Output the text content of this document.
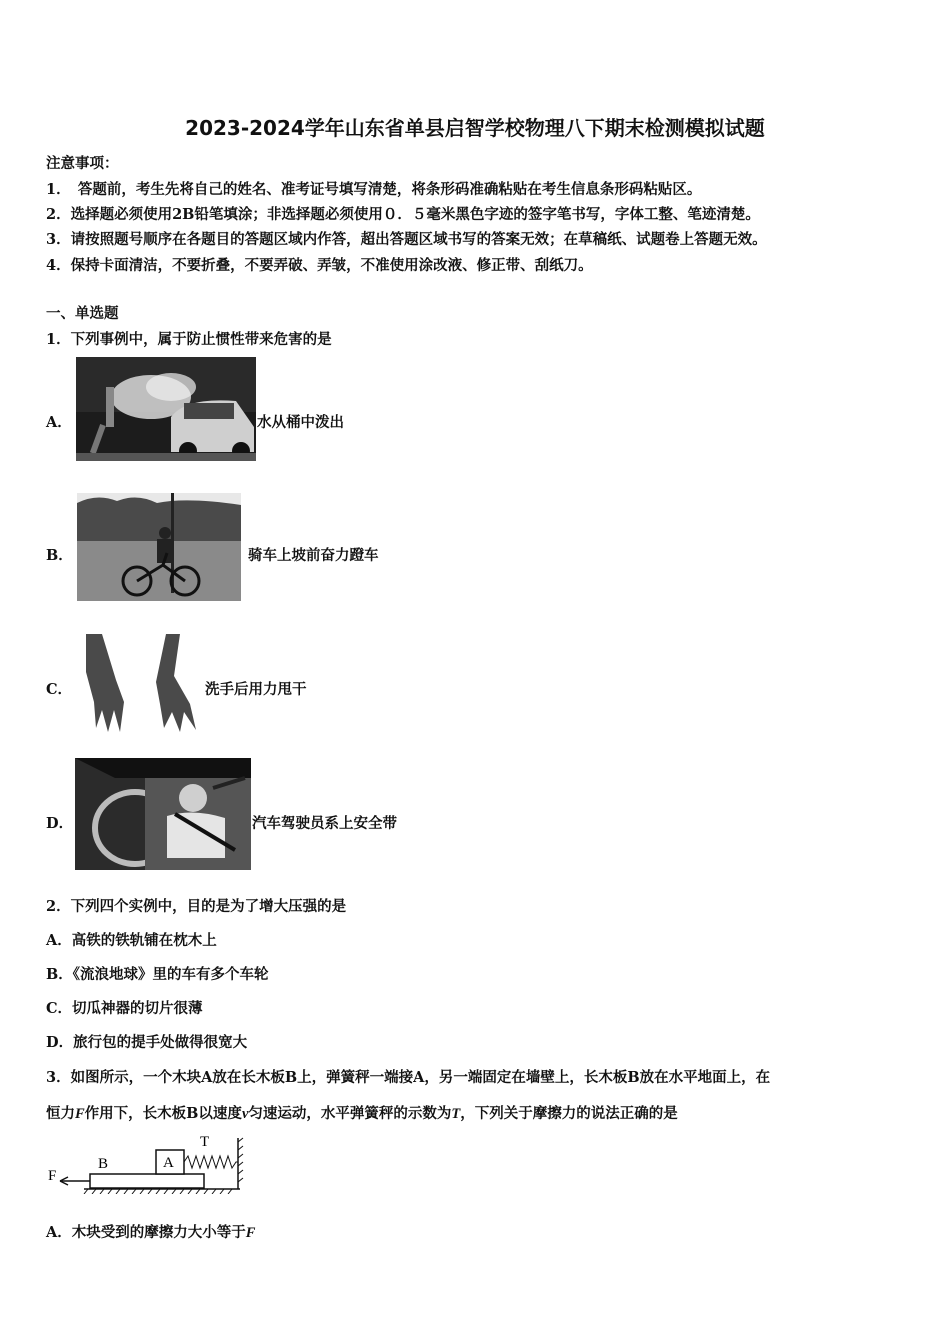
2023-2024学年山东省单县启智学校物理八下期末检测模拟试题
注意事项：
1．　答题前，考生先将自己的姓名、准考证号填写清楚，将条形码准确粘贴在考生信息条形码粘贴区。
2．选择题必须使用2B铅笔填涂；非选择题必须使用０．５毫米黑色字迹的签字笔书写，字体工整、笔迹清楚。
3．请按照题号顺序在各题目的答题区域内作答，超出答题区域书写的答案无效；在草稿纸、试题卷上答题无效。
4．保持卡面清洁，不要折叠，不要弄破、弄皱，不准使用涂改液、修正带、刮纸刀。
一、单选题
1．下列事例中，属于防止惯性带来危害的是
A．	水从桶中泼出
B．	骑车上坡前奋力蹬车
C．	洗手后用力甩干
D．	汽车驾驶员系上安全带
2．下列四个实例中，目的是为了增大压强的是
A．高铁的铁轨铺在枕木上
B．《流浪地球》里的车有多个车轮
C．切瓜神器的切片很薄
D．旅行包的提手处做得很宽大
3．如图所示，一个木块A放在长木板B上，弹簧秤一端接A，另一端固定在墙壁上，长木板B放在水平地面上，在
恒力F作用下，长木板B以速度v匀速运动，水平弹簧秤的示数为T，下列关于摩擦力的说法正确的是
F
B	A
T
A．木块受到的摩擦力大小等于F
